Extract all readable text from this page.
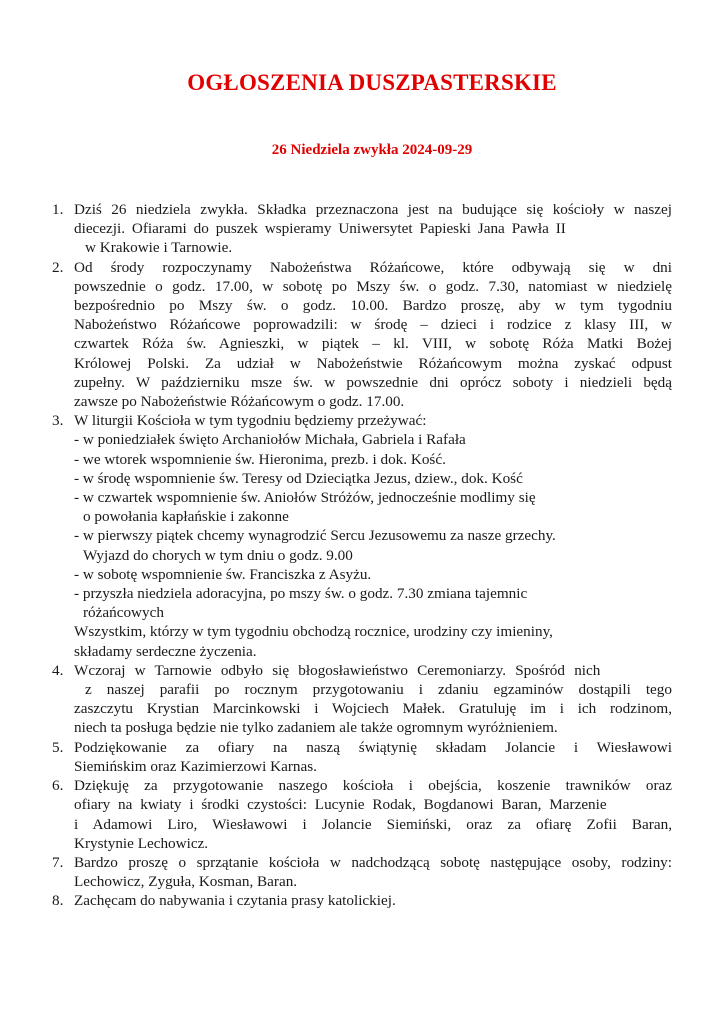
OGŁOSZENIA DUSZPASTERSKIE
26 Niedziela zwykła 2024-09-29
1. Dziś 26 niedziela zwykła. Składka przeznaczona jest na budujące się kościoły w naszej
diecezji. Ofiarami do puszek wspieramy Uniwersytet Papieski Jana Pawła II
w Krakowie i Tarnowie.
2. Od środy rozpoczynamy Nabożeństwa Różańcowe, które odbywają się w dni
powszednie o godz. 17.00, w sobotę po Mszy św. o godz. 7.30, natomiast w niedzielę
bezpośrednio po Mszy św. o godz. 10.00. Bardzo proszę, aby w tym tygodniu
Nabożeństwo Różańcowe poprowadzili: w środę – dzieci i rodzice z klasy III, w
czwartek Róża św. Agnieszki, w piątek – kl. VIII, w sobotę Róża Matki Bożej
Królowej Polski. Za udział w Nabożeństwie Różańcowym można zyskać odpust
zupełny. W październiku msze św. w powszednie dni oprócz soboty i niedzieli będą
zawsze po Nabożeństwie Różańcowym o godz. 17.00.
3. W liturgii Kościoła w tym tygodniu będziemy przeżywać:
- w poniedziałek święto Archaniołów Michała, Gabriela i Rafała
- we wtorek wspomnienie św. Hieronima, prezb. i dok. Kość.
- w środę wspomnienie św. Teresy od Dzieciątka Jezus, dziew., dok. Kość
- w czwartek wspomnienie św. Aniołów Stróżów, jednocześnie modlimy się
o powołania kapłańskie i zakonne
- w pierwszy piątek chcemy wynagrodzić Sercu Jezusowemu za nasze grzechy.
Wyjazd do chorych w tym dniu o godz. 9.00
- w sobotę wspomnienie św. Franciszka z Asyżu.
- przyszła niedziela adoracyjna, po mszy św. o godz. 7.30 zmiana tajemnic
różańcowych
Wszystkim, którzy w tym tygodniu obchodzą rocznice, urodziny czy imieniny,
składamy serdeczne życzenia.
4. Wczoraj w Tarnowie odbyło się błogosławieństwo Ceremoniarzy. Spośród nich
z naszej parafii po rocznym przygotowaniu i zdaniu egzaminów dostąpili tego
zaszczytu Krystian Marcinkowski i Wojciech Małek. Gratuluję im i ich rodzinom,
niech ta posługa będzie nie tylko zadaniem ale także ogromnym wyróżnieniem.
5. Podziękowanie za ofiary na naszą świątynię składam Jolancie i Wiesławowi
Siemińskim oraz Kazimierzowi Karnas.
6. Dziękuję za przygotowanie naszego kościoła i obejścia, koszenie trawników oraz
ofiary na kwiaty i środki czystości: Lucynie Rodak, Bogdanowi Baran, Marzenie
i Adamowi Liro, Wiesławowi i Jolancie Siemiński, oraz za ofiarę Zofii Baran,
Krystynie Lechowicz.
7. Bardzo proszę o sprzątanie kościoła w nadchodzącą sobotę następujące osoby, rodziny:
Lechowicz, Zyguła, Kosman, Baran.
8. Zachęcam do nabywania i czytania prasy katolickiej.
